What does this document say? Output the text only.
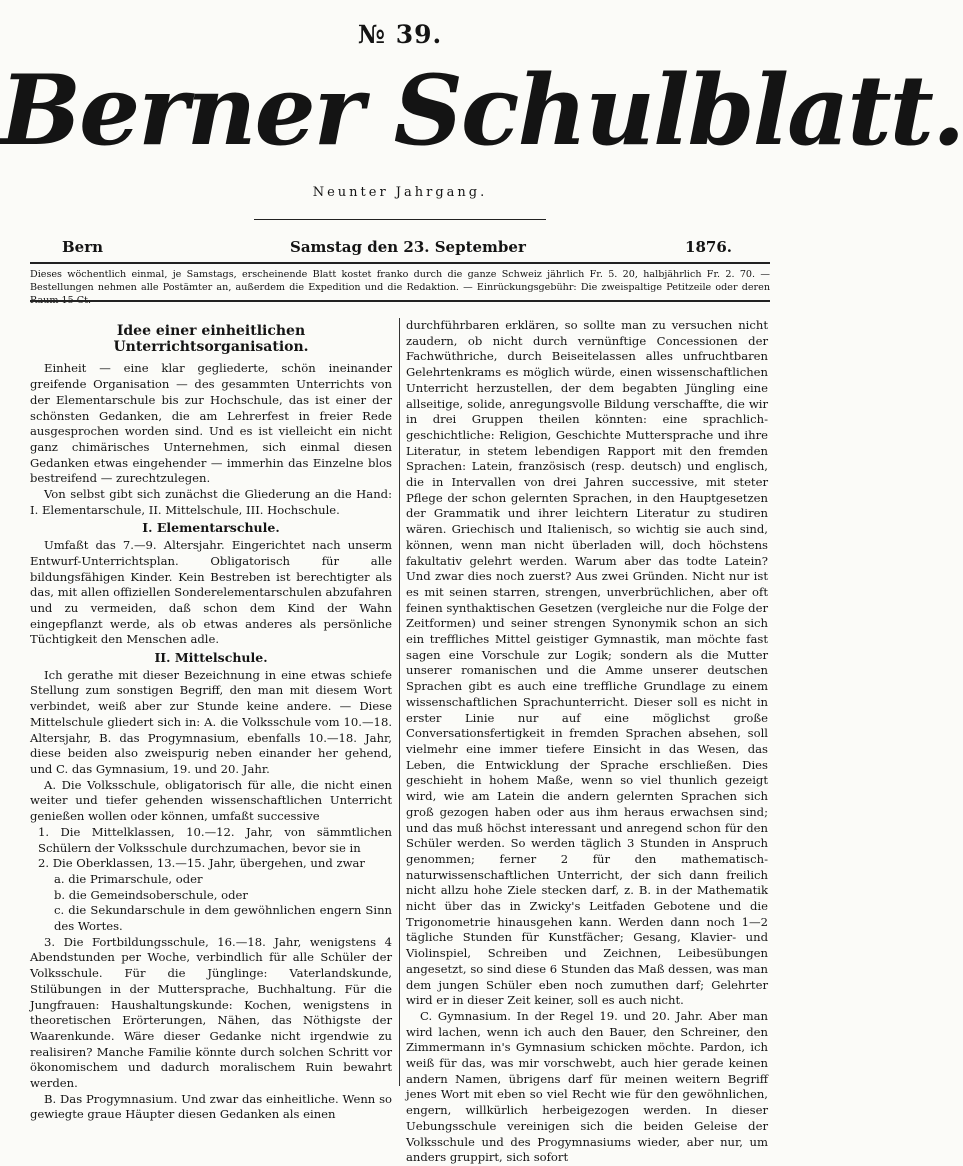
№ 39.
Berner Schulblatt.
Neunter Jahrgang.
Bern	Samstag den 23. September	1876.
Dieses wöchentlich einmal, je Samstags, erscheinende Blatt kostet franko durch die ganze Schweiz jährlich Fr. 5. 20, halbjährlich Fr. 2. 70. — Bestellungen nehmen alle Postämter an, außerdem die Expedition und die Redaktion. — Einrückungsgebühr: Die zweispaltige Petitzeile oder deren Raum 15 Ct.

Idee einer einheitlichen Unterrichtsorganisation.

Einheit — eine klar gegliederte, schön ineinander greifende Organisation — des gesammten Unterrichts von der Elementarschule bis zur Hochschule, das ist einer der schönsten Gedanken, die am Lehrerfest in freier Rede ausgesprochen worden sind. Und es ist vielleicht ein nicht ganz chimärisches Unternehmen, sich einmal diesen Gedanken etwas eingehender — immerhin das Einzelne blos bestreifend — zurechtzulegen.

Von selbst gibt sich zunächst die Gliederung an die Hand: I. Elementarschule, II. Mittelschule, III. Hochschule.

I. Elementarschule.

Umfaßt das 7.—9. Altersjahr. Eingerichtet nach unserm Entwurf-Unterrichtsplan. Obligatorisch für alle bildungsfähigen Kinder. Kein Bestreben ist berechtigter als das, mit allen offiziellen Sonderelementarschulen abzufahren und zu vermeiden, daß schon dem Kind der Wahn eingepflanzt werde, als ob etwas anderes als persönliche Tüchtigkeit den Menschen adle.

II. Mittelschule.

Ich gerathe mit dieser Bezeichnung in eine etwas schiefe Stellung zum sonstigen Begriff, den man mit diesem Wort verbindet, weiß aber zur Stunde keine andere. — Diese Mittelschule gliedert sich in: A. die Volksschule vom 10.—18. Altersjahr, B. das Progymnasium, ebenfalls 10.—18. Jahr, diese beiden also zweispurig neben einander her gehend, und C. das Gymnasium, 19. und 20. Jahr.

A. Die Volksschule, obligatorisch für alle, die nicht einen weiter und tiefer gehenden wissenschaftlichen Unterricht genießen wollen oder können, umfaßt successive

1. Die Mittelklassen, 10.—12. Jahr, von sämmtlichen Schülern der Volksschule durchzumachen, bevor sie in

2. Die Oberklassen, 13.—15. Jahr, übergehen, und zwar

a. die Primarschule, oder

b. die Gemeindsoberschule, oder

c. die Sekundarschule in dem gewöhnlichen engern Sinn des Wortes.

3. Die Fortbildungsschule, 16.—18. Jahr, wenigstens 4 Abendstunden per Woche, verbindlich für alle Schüler der Volksschule. Für die Jünglinge: Vaterlandskunde, Stilübungen in der Muttersprache, Buchhaltung. Für die Jungfrauen: Haushaltungskunde: Kochen, wenigstens in theoretischen Erörterungen, Nähen, das Nöthigste der Waarenkunde. Wäre dieser Gedanke nicht irgendwie zu realisiren? Manche Familie könnte durch solchen Schritt vor ökonomischem und dadurch moralischem Ruin bewahrt werden.

B. Das Progymnasium. Und zwar das einheitliche. Wenn so gewiegte graue Häupter diesen Gedanken als einen

durchführbaren erklären, so sollte man zu versuchen nicht zaudern, ob nicht durch vernünftige Concessionen der Fachwüthriche, durch Beiseitelassen alles unfruchtbaren Gelehrtenkrams es möglich würde, einen wissenschaftlichen Unterricht herzustellen, der dem begabten Jüngling eine allseitige, solide, anregungsvolle Bildung verschaffte, die wir in drei Gruppen theilen könnten: eine sprachlich-geschichtliche: Religion, Geschichte Muttersprache und ihre Literatur, in stetem lebendigen Rapport mit den fremden Sprachen: Latein, französisch (resp. deutsch) und englisch, die in Intervallen von drei Jahren successive, mit steter Pflege der schon gelernten Sprachen, in den Hauptgesetzen der Grammatik und ihrer leichtern Literatur zu studiren wären. Griechisch und Italienisch, so wichtig sie auch sind, können, wenn man nicht überladen will, doch höchstens fakultativ gelehrt werden. Warum aber das todte Latein? Und zwar dies noch zuerst? Aus zwei Gründen. Nicht nur ist es mit seinen starren, strengen, unverbrüchlichen, aber oft feinen synthaktischen Gesetzen (vergleiche nur die Folge der Zeitformen) und seiner strengen Synonymik schon an sich ein treffliches Mittel geistiger Gymnastik, man möchte fast sagen eine Vorschule zur Logik; sondern als die Mutter unserer romanischen und die Amme unserer deutschen Sprachen gibt es auch eine treffliche Grundlage zu einem wissenschaftlichen Sprachunterricht. Dieser soll es nicht in erster Linie nur auf eine möglichst große Conversationsfertigkeit in fremden Sprachen absehen, soll vielmehr eine immer tiefere Einsicht in das Wesen, das Leben, die Entwicklung der Sprache erschließen. Dies geschieht in hohem Maße, wenn so viel thunlich gezeigt wird, wie am Latein die andern gelernten Sprachen sich groß gezogen haben oder aus ihm heraus erwachsen sind; und das muß höchst interessant und anregend schon für den Schüler werden. So werden täglich 3 Stunden in Anspruch genommen; ferner 2 für den mathematisch-naturwissenschaftlichen Unterricht, der sich dann freilich nicht allzu hohe Ziele stecken darf, z. B. in der Mathematik nicht über das in Zwicky's Leitfaden Gebotene und die Trigonometrie hinausgehen kann. Werden dann noch 1—2 tägliche Stunden für Kunstfächer; Gesang, Klavier- und Violinspiel, Schreiben und Zeichnen, Leibesübungen angesetzt, so sind diese 6 Stunden das Maß dessen, was man dem jungen Schüler eben noch zumuthen darf; Gelehrter wird er in dieser Zeit keiner, soll es auch nicht.

C. Gymnasium. In der Regel 19. und 20. Jahr. Aber man wird lachen, wenn ich auch den Bauer, den Schreiner, den Zimmermann in's Gymnasium schicken möchte. Pardon, ich weiß für das, was mir vorschwebt, auch hier gerade keinen andern Namen, übrigens darf für meinen weitern Begriff jenes Wort mit eben so viel Recht wie für den gewöhnlichen, engern, willkürlich herbeigezogen werden. In dieser Uebungsschule vereinigen sich die beiden Geleise der Volksschule und des Progymnasiums wieder, aber nur, um anders gruppirt, sich sofort
